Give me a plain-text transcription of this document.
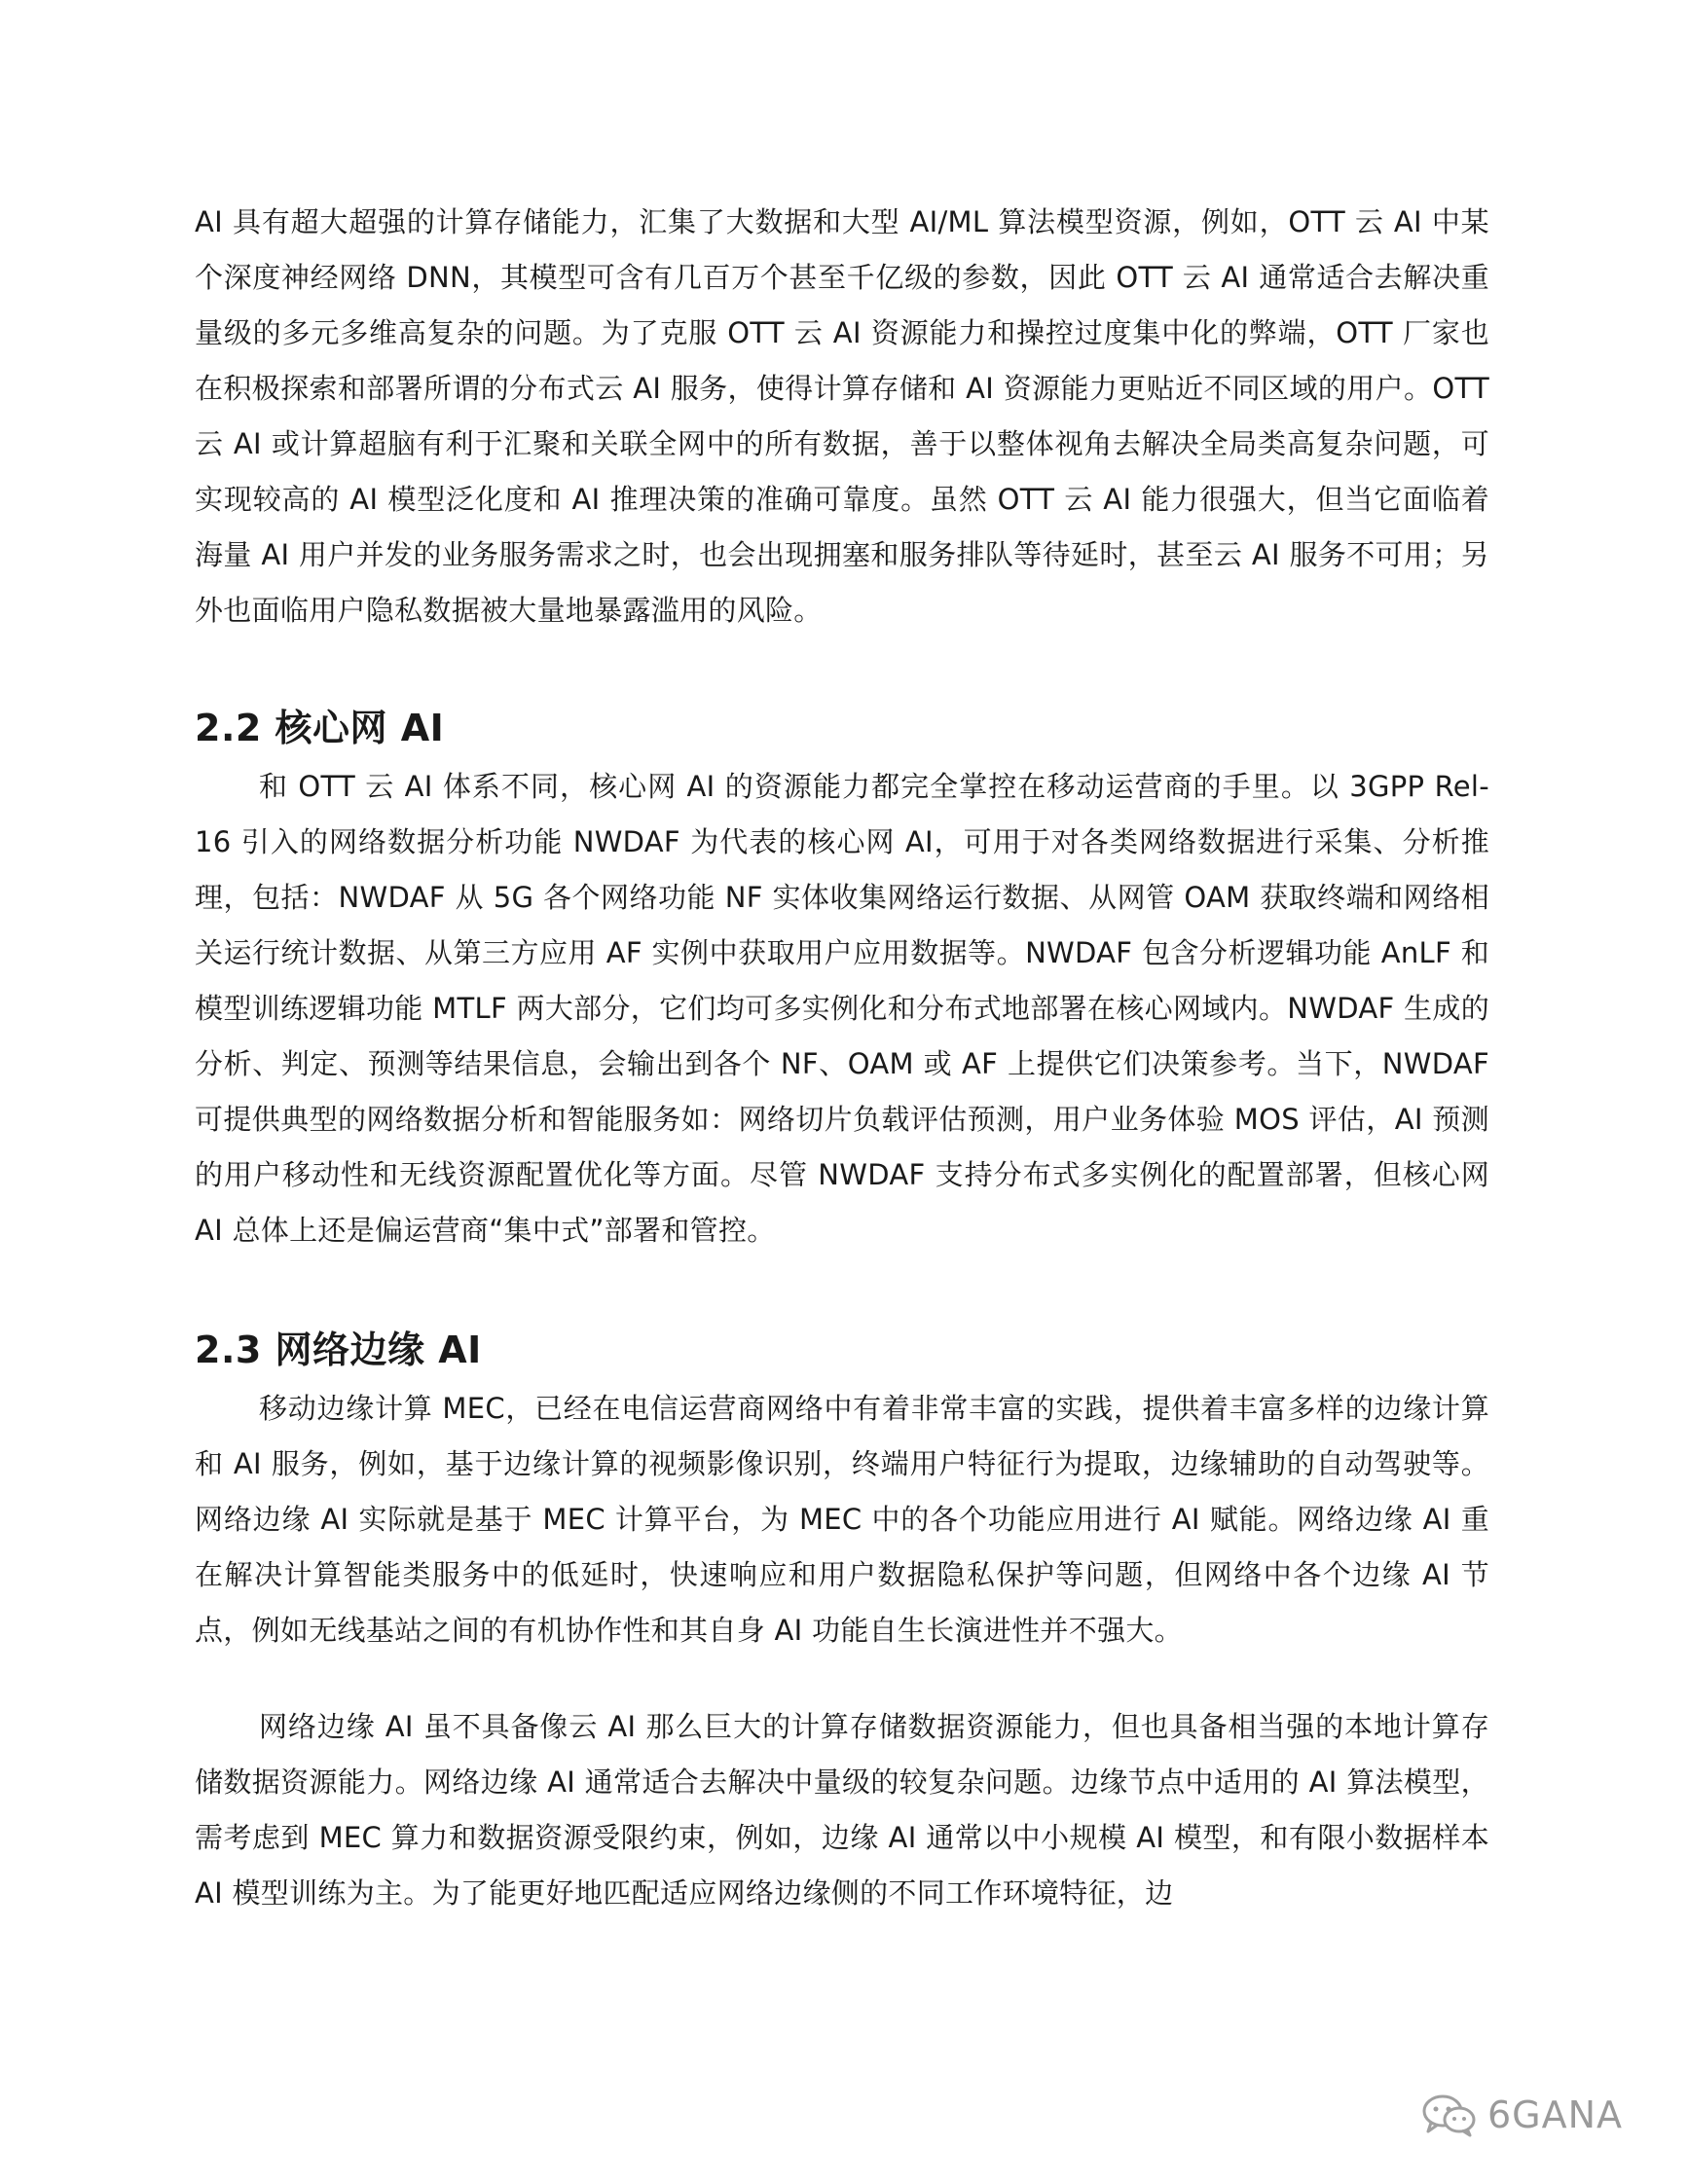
AI 具有超大超强的计算存储能力，汇集了大数据和大型 AI/ML 算法模型资源，例如，OTT 云 AI 中某个深度神经网络 DNN，其模型可含有几百万个甚至千亿级的参数，因此 OTT 云 AI 通常适合去解决重量级的多元多维高复杂的问题。为了克服 OTT 云 AI 资源能力和操控过度集中化的弊端，OTT 厂家也在积极探索和部署所谓的分布式云 AI 服务，使得计算存储和 AI 资源能力更贴近不同区域的用户。OTT 云 AI 或计算超脑有利于汇聚和关联全网中的所有数据，善于以整体视角去解决全局类高复杂问题，可实现较高的 AI 模型泛化度和 AI 推理决策的准确可靠度。虽然 OTT 云 AI 能力很强大，但当它面临着海量 AI 用户并发的业务服务需求之时，也会出现拥塞和服务排队等待延时，甚至云 AI 服务不可用；另外也面临用户隐私数据被大量地暴露滥用的风险。

2.2 核心网 AI

和 OTT 云 AI 体系不同，核心网 AI 的资源能力都完全掌控在移动运营商的手里。以 3GPP Rel-16 引入的网络数据分析功能 NWDAF 为代表的核心网 AI，可用于对各类网络数据进行采集、分析推理，包括：NWDAF 从 5G 各个网络功能 NF 实体收集网络运行数据、从网管 OAM 获取终端和网络相关运行统计数据、从第三方应用 AF 实例中获取用户应用数据等。NWDAF 包含分析逻辑功能 AnLF 和模型训练逻辑功能 MTLF 两大部分，它们均可多实例化和分布式地部署在核心网域内。NWDAF 生成的分析、判定、预测等结果信息，会输出到各个 NF、OAM 或 AF 上提供它们决策参考。当下，NWDAF 可提供典型的网络数据分析和智能服务如：网络切片负载评估预测，用户业务体验 MOS 评估，AI 预测的用户移动性和无线资源配置优化等方面。尽管 NWDAF 支持分布式多实例化的配置部署，但核心网 AI 总体上还是偏运营商“集中式”部署和管控。

2.3 网络边缘 AI

移动边缘计算 MEC，已经在电信运营商网络中有着非常丰富的实践，提供着丰富多样的边缘计算和 AI 服务，例如，基于边缘计算的视频影像识别，终端用户特征行为提取，边缘辅助的自动驾驶等。网络边缘 AI 实际就是基于 MEC 计算平台，为 MEC 中的各个功能应用进行 AI 赋能。网络边缘 AI 重在解决计算智能类服务中的低延时，快速响应和用户数据隐私保护等问题，但网络中各个边缘 AI 节点，例如无线基站之间的有机协作性和其自身 AI 功能自生长演进性并不强大。

网络边缘 AI 虽不具备像云 AI 那么巨大的计算存储数据资源能力，但也具备相当强的本地计算存储数据资源能力。网络边缘 AI 通常适合去解决中量级的较复杂问题。边缘节点中适用的 AI 算法模型，需考虑到 MEC 算力和数据资源受限约束，例如，边缘 AI 通常以中小规模 AI 模型，和有限小数据样本 AI 模型训练为主。为了能更好地匹配适应网络边缘侧的不同工作环境特征，边

6GANA
